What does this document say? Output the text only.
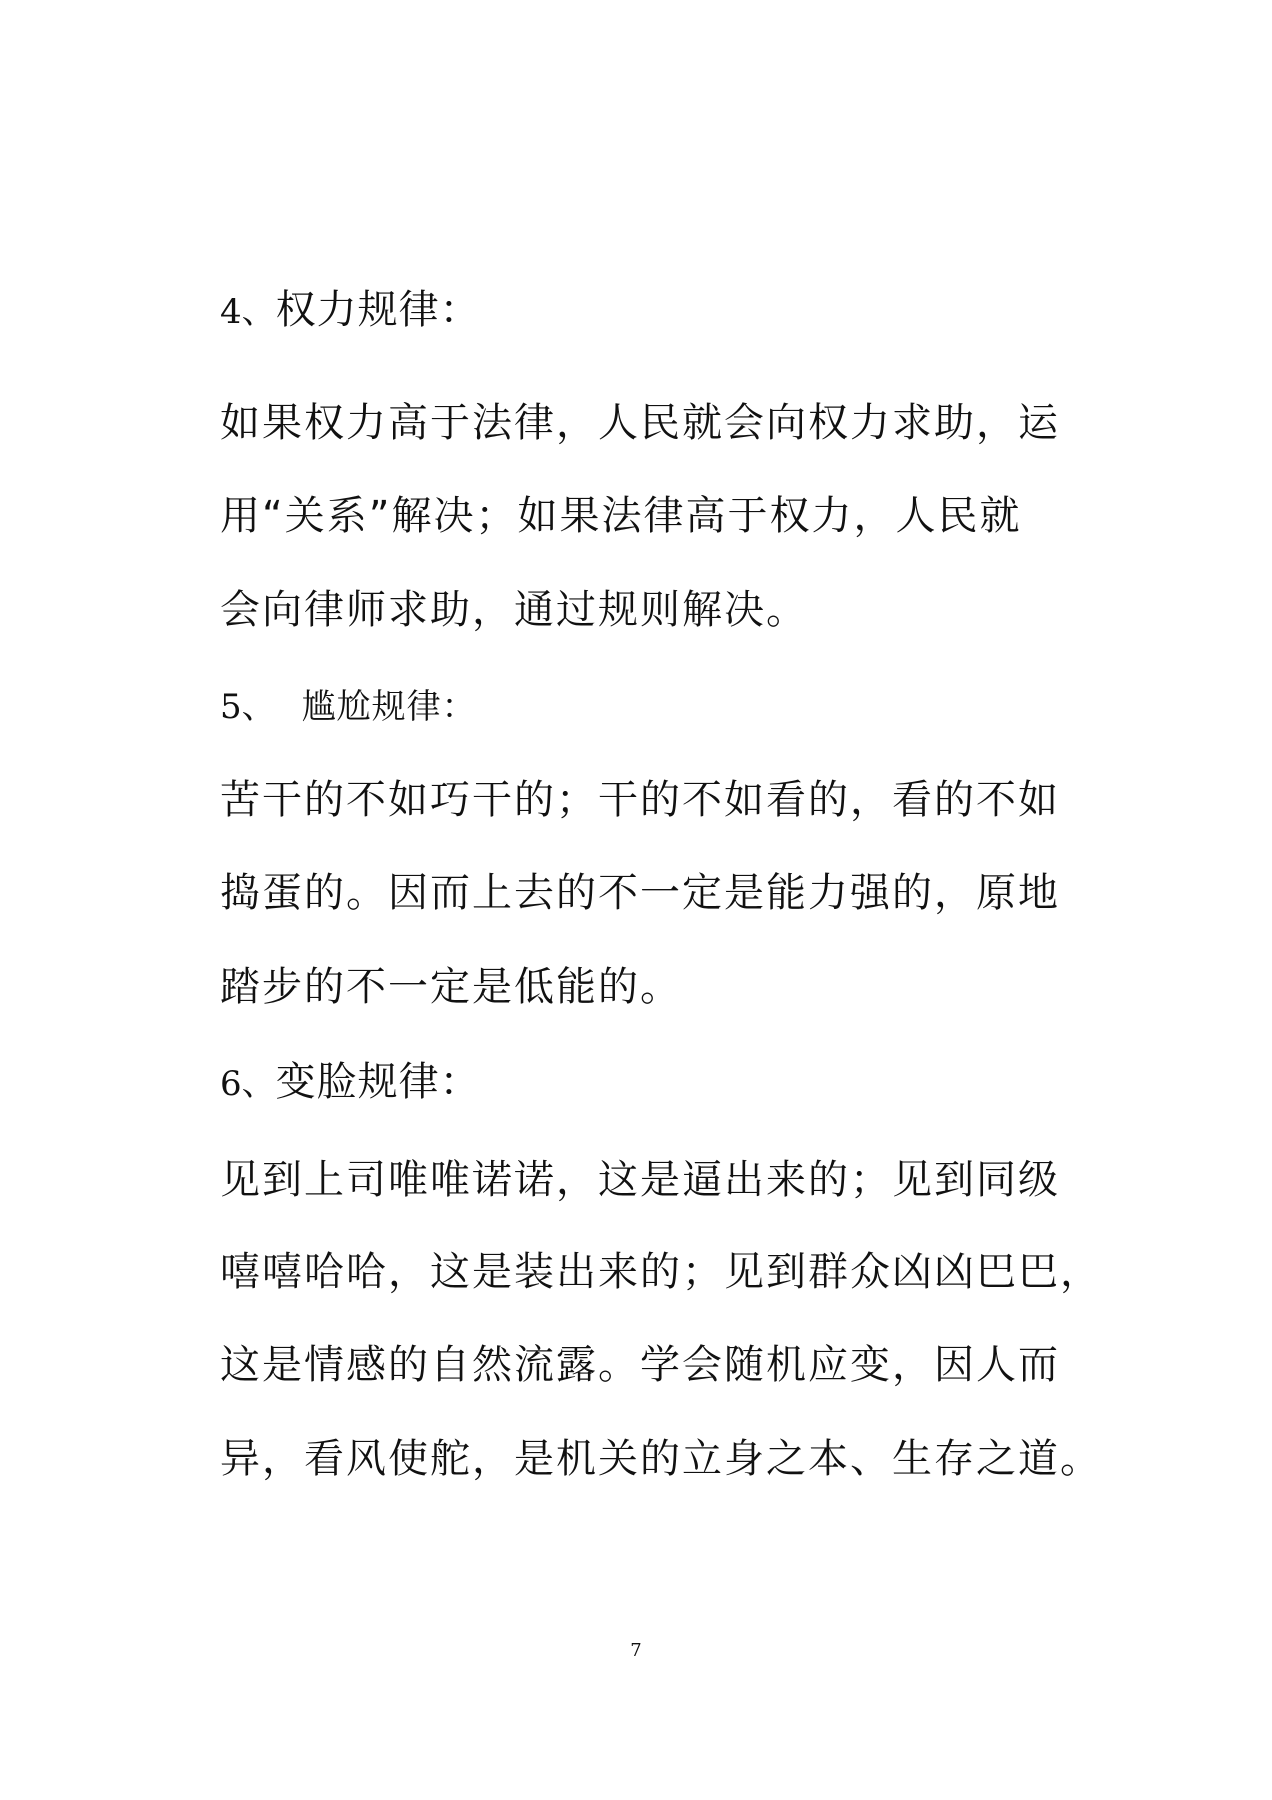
4、权力规律：
如果权力高于法律，人民就会向权力求助，运
用“关系”解决；如果法律高于权力，人民就
会向律师求助，通过规则解决。
5、 尴尬规律：
苦干的不如巧干的；干的不如看的，看的不如
捣蛋的。因而上去的不一定是能力强的，原地
踏步的不一定是低能的。
6、变脸规律：
见到上司唯唯诺诺，这是逼出来的；见到同级
嘻嘻哈哈，这是装出来的；见到群众凶凶巴巴，
这是情感的自然流露。学会随机应变，因人而
异，看风使舵，是机关的立身之本、生存之道。
7
